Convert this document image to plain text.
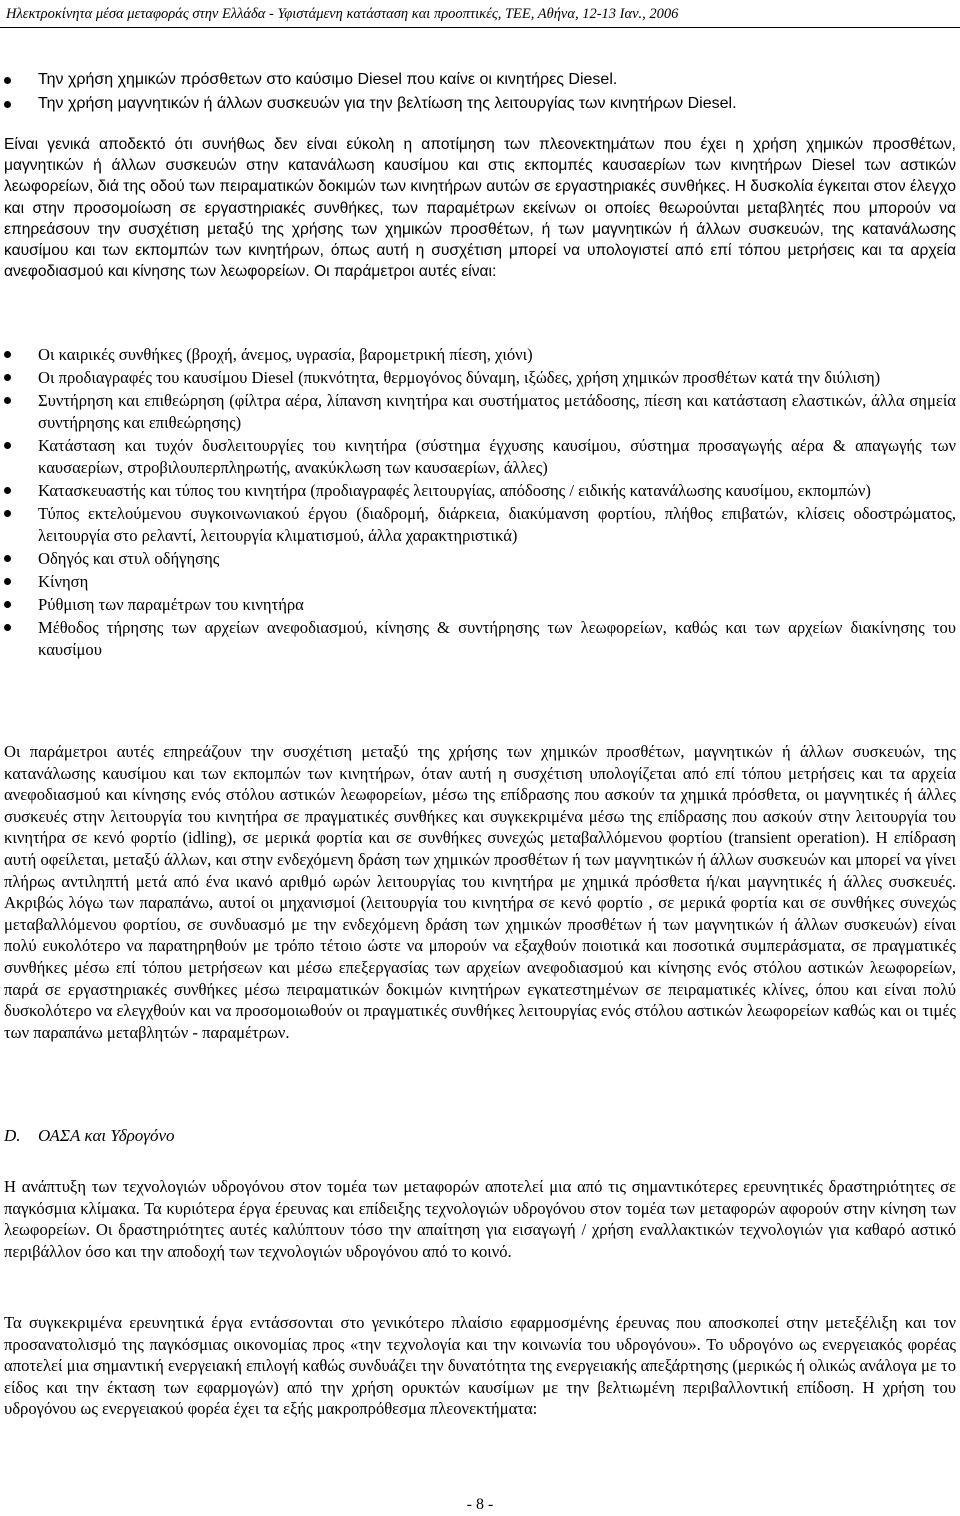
Ηλεκτροκίνητα μέσα μεταφοράς στην Ελλάδα - Υφιστάμενη κατάσταση και προοπτικές, ΤΕΕ, Αθήνα, 12-13 Ιαν., 2006
Την χρήση χημικών πρόσθετων στο καύσιμο Diesel που καίνε οι κινητήρες Diesel.
Την χρήση μαγνητικών ή άλλων συσκευών για την βελτίωση της λειτουργίας των κινητήρων Diesel.

Είναι γενικά αποδεκτό ότι συνήθως δεν είναι εύκολη η αποτίμηση των πλεονεκτημάτων που έχει η χρήση χημικών προσθέτων, μαγνητικών ή άλλων συσκευών στην κατανάλωση καυσίμου και στις εκπομπές καυσαερίων των κινητήρων Diesel των αστικών λεωφορείων, διά της οδού των πειραματικών δοκιμών των κινητήρων αυτών σε εργαστηριακές συνθήκες. Η δυσκολία έγκειται στον έλεγχο και στην προσομοίωση σε εργαστηριακές συνθήκες, των παραμέτρων εκείνων οι οποίες θεωρούνται μεταβλητές που μπορούν να επηρεάσουν την συσχέτιση μεταξύ της χρήσης των χημικών προσθέτων, ή των μαγνητικών ή άλλων συσκευών, της κατανάλωσης καυσίμου και των εκπομπών των κινητήρων, όπως αυτή η συσχέτιση μπορεί να υπολογιστεί από επί τόπου μετρήσεις και τα αρχεία ανεφοδιασμού και κίνησης των λεωφορείων. Οι παράμετροι αυτές είναι:

Οι καιρικές συνθήκες (βροχή, άνεμος, υγρασία, βαρομετρική πίεση, χιόνι)
Οι προδιαγραφές του καυσίμου Diesel (πυκνότητα, θερμογόνος δύναμη, ιξώδες, χρήση χημικών προσθέτων κατά την διύλιση)
Συντήρηση και επιθεώρηση (φίλτρα αέρα, λίπανση κινητήρα και συστήματος μετάδοσης, πίεση και κατάσταση ελαστικών, άλλα σημεία συντήρησης και επιθεώρησης)
Κατάσταση και τυχόν δυσλειτουργίες του κινητήρα (σύστημα έγχυσης καυσίμου, σύστημα προσαγωγής αέρα & απαγωγής των καυσαερίων, στροβιλουπερπληρωτής, ανακύκλωση των καυσαερίων, άλλες)
Κατασκευαστής και τύπος του κινητήρα (προδιαγραφές λειτουργίας, απόδοσης / ειδικής κατανάλωσης καυσίμου, εκπομπών)
Τύπος εκτελούμενου συγκοινωνιακού έργου (διαδρομή, διάρκεια, διακύμανση φορτίου, πλήθος επιβατών, κλίσεις οδοστρώματος, λειτουργία στο ρελαντί, λειτουργία κλιματισμού, άλλα χαρακτηριστικά)
Οδηγός και στυλ οδήγησης
Κίνηση
Ρύθμιση των παραμέτρων του κινητήρα
Μέθοδος τήρησης των αρχείων ανεφοδιασμού, κίνησης & συντήρησης των λεωφορείων, καθώς και των αρχείων διακίνησης του καυσίμου

Οι παράμετροι αυτές επηρεάζουν την συσχέτιση μεταξύ της χρήσης των χημικών προσθέτων, μαγνητικών ή άλλων συσκευών, της κατανάλωσης καυσίμου και των εκπομπών των κινητήρων, όταν αυτή η συσχέτιση υπολογίζεται από επί τόπου μετρήσεις και τα αρχεία ανεφοδιασμού και κίνησης ενός στόλου αστικών λεωφορείων, μέσω της επίδρασης που ασκούν τα χημικά πρόσθετα, οι μαγνητικές ή άλλες συσκευές στην λειτουργία του κινητήρα σε πραγματικές συνθήκες και συγκεκριμένα μέσω της επίδρασης που ασκούν στην λειτουργία του κινητήρα σε κενό φορτίο (idling), σε μερικά φορτία και σε συνθήκες συνεχώς μεταβαλλόμενου φορτίου (transient operation). Η επίδραση αυτή οφείλεται, μεταξύ άλλων, και στην ενδεχόμενη δράση των χημικών προσθέτων ή των μαγνητικών ή άλλων συσκευών και μπορεί να γίνει πλήρως αντιληπτή μετά από ένα ικανό αριθμό ωρών λειτουργίας του κινητήρα με χημικά πρόσθετα ή/και μαγνητικές ή άλλες συσκευές. Ακριβώς λόγω των παραπάνω, αυτοί οι μηχανισμοί (λειτουργία του κινητήρα σε κενό φορτίο , σε μερικά φορτία και σε συνθήκες συνεχώς μεταβαλλόμενου φορτίου, σε συνδυασμό με την ενδεχόμενη δράση των χημικών προσθέτων ή των μαγνητικών ή άλλων συσκευών) είναι πολύ ευκολότερο να παρατηρηθούν με τρόπο τέτοιο ώστε να μπορούν να εξαχθούν ποιοτικά και ποσοτικά συμπεράσματα, σε πραγματικές συνθήκες μέσω επί τόπου μετρήσεων και μέσω επεξεργασίας των αρχείων ανεφοδιασμού και κίνησης ενός στόλου αστικών λεωφορείων, παρά σε εργαστηριακές συνθήκες μέσω πειραματικών δοκιμών κινητήρων εγκατεστημένων σε πειραματικές κλίνες, όπου και είναι πολύ δυσκολότερο να ελεγχθούν και να προσομοιωθούν οι πραγματικές συνθήκες λειτουργίας ενός στόλου αστικών λεωφορείων καθώς και οι τιμές των παραπάνω μεταβλητών - παραμέτρων.

D. ΟΑΣΑ και Υδρογόνο

Η ανάπτυξη των τεχνολογιών υδρογόνου στον τομέα των μεταφορών αποτελεί μια από τις σημαντικότερες ερευνητικές δραστηριότητες σε παγκόσμια κλίμακα. Τα κυριότερα έργα έρευνας και επίδειξης τεχνολογιών υδρογόνου στον τομέα των μεταφορών αφορούν στην κίνηση των λεωφορείων. Οι δραστηριότητες αυτές καλύπτουν τόσο την απαίτηση για εισαγωγή / χρήση εναλλακτικών τεχνολογιών για καθαρό αστικό περιβάλλον όσο και την αποδοχή των τεχνολογιών υδρογόνου από το κοινό.

Τα συγκεκριμένα ερευνητικά έργα εντάσσονται στο γενικότερο πλαίσιο εφαρμοσμένης έρευνας που αποσκοπεί στην μετεξέλιξη και τον προσανατολισμό της παγκόσμιας οικονομίας προς «την τεχνολογία και την κοινωνία του υδρογόνου». Το υδρογόνο ως ενεργειακός φορέας αποτελεί μια σημαντική ενεργειακή επιλογή καθώς συνδυάζει την δυνατότητα της ενεργειακής απεξάρτησης (μερικώς ή ολικώς ανάλογα με το είδος και την έκταση των εφαρμογών) από την χρήση ορυκτών καυσίμων με την βελτιωμένη περιβαλλοντική επίδοση. Η χρήση του υδρογόνου ως ενεργειακού φορέα έχει τα εξής μακροπρόθεσμα πλεονεκτήματα:

- 8 -
